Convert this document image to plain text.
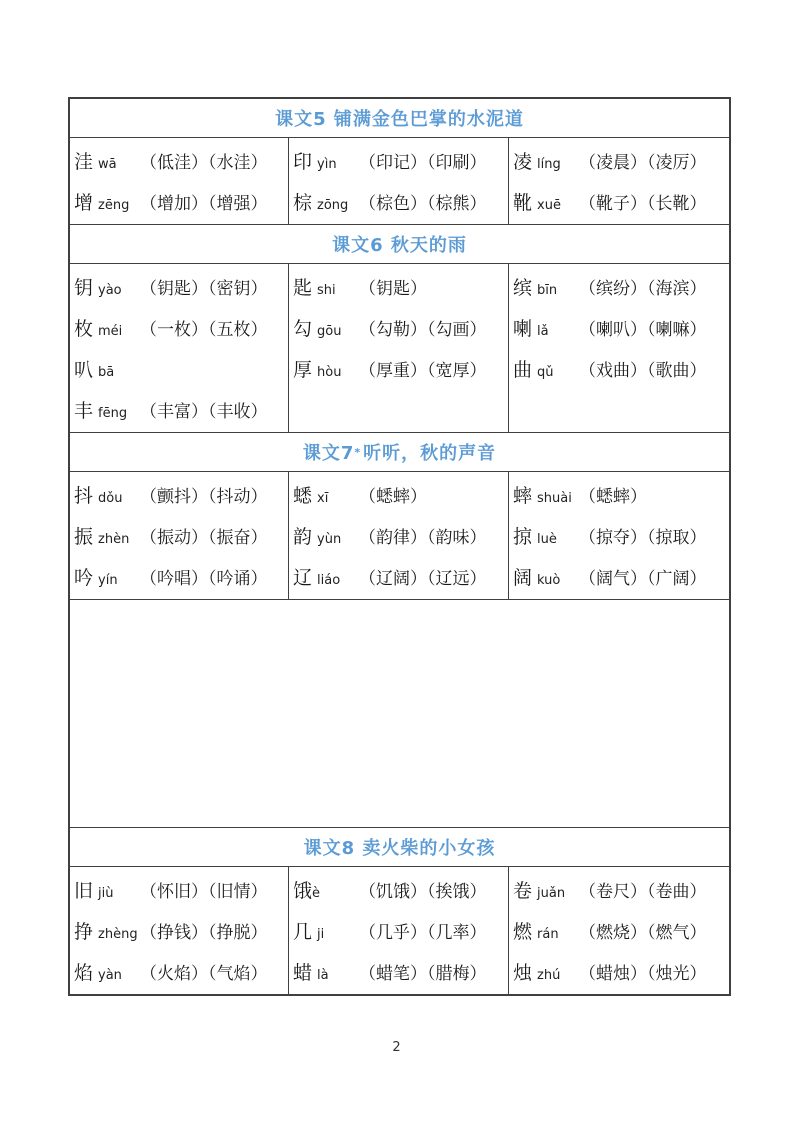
课文5 铺满金色巴掌的水泥道
洼 wā （低洼）（水洼）
增 zēng （增加）（增强）
印 yìn （印记）（印刷）
棕 zōng （棕色）（棕熊）
凌 líng （凌晨）（凌厉）
靴 xuē （靴子）（长靴）
课文6 秋天的雨
钥 yào （钥匙）（密钥）
枚 méi （一枚）（五枚）
叭 bā
丰 fēng （丰富）（丰收）
匙 shi （钥匙）
勾 gōu （勾勒）（勾画）
厚 hòu （厚重）（宽厚）
缤 bīn （缤纷）（海滨）
喇 lǎ （喇叭）（喇嘛）
曲 qǔ （戏曲）（歌曲）
课文7 * 听听，秋的声音
抖 dǒu （颤抖）（抖动）
振 zhèn （振动）（振奋）
吟 yín （吟唱）（吟诵）
蟋 xī （蟋蟀）
韵 yùn （韵律）（韵味）
辽 liáo （辽阔）（辽远）
蟀 shuài （蟋蟀）
掠 luè （掠夺）（掠取）
阔 kuò （阔气）（广阔）
课文8 卖火柴的小女孩
旧 jiù （怀旧）（旧情）
挣 zhèng （挣钱）（挣脱）
焰 yàn （火焰）（气焰）
饿 è （饥饿）（挨饿）
几 ji （几乎）（几率）
蜡 là （蜡笔）（腊梅）
卷 juǎn （卷尺）（卷曲）
燃 rán （燃烧）（燃气）
烛 zhú （蜡烛）（烛光）
2
